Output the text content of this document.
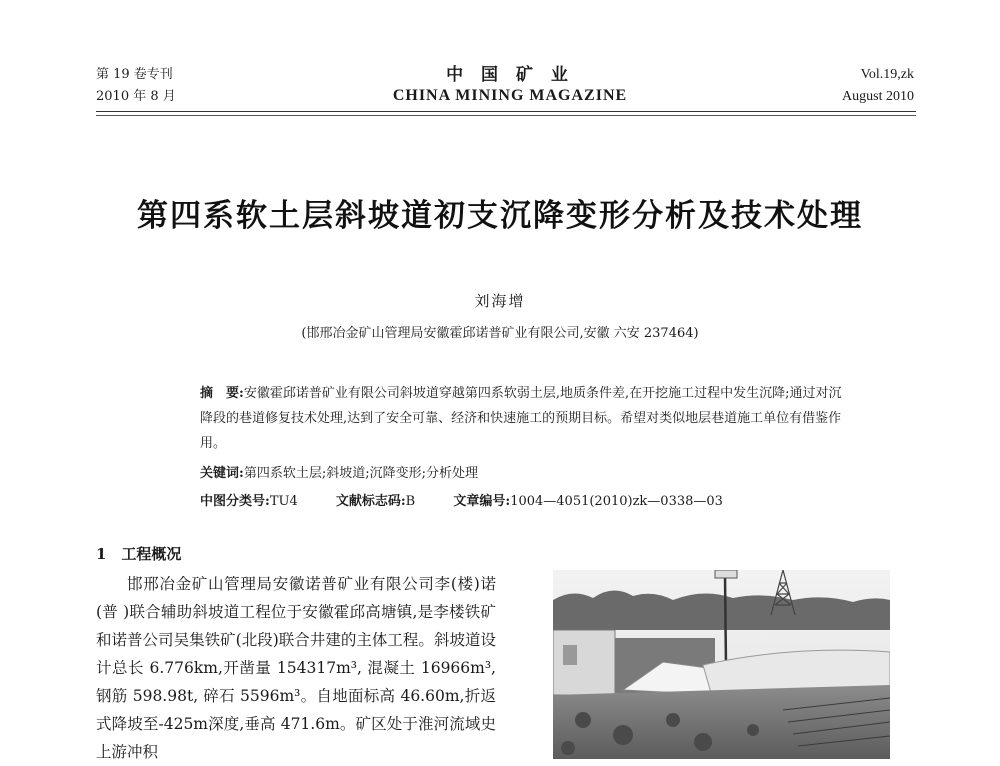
第 19 卷专刊
2010 年 8 月
中 国 矿 业
CHINA MINING MAGAZINE
Vol.19,zk
August 2010
第四系软土层斜坡道初支沉降变形分析及技术处理
刘海增
(邯邢冶金矿山管理局安徽霍邱诺普矿业有限公司,安徽 六安 237464)
摘　要:安徽霍邱诺普矿业有限公司斜坡道穿越第四系软弱土层,地质条件差,在开挖施工过程中发生沉降;通过对沉降段的巷道修复技术处理,达到了安全可靠、经济和快速施工的预期目标。希望对类似地层巷道施工单位有借鉴作用。
关键词:第四系软土层;斜坡道;沉降变形;分析处理
中图分类号:TU4	文献标志码:B	文章编号:1004—4051(2010)zk—0338—03
1　工程概况
邯邢冶金矿山管理局安徽诺普矿业有限公司李(楼)诺(普 )联合辅助斜坡道工程位于安徽霍邱高塘镇,是李楼铁矿和诺普公司吴集铁矿(北段)联合井建的主体工程。斜坡道设计总长 6.776km,开凿量 154317m³, 混凝土 16966m³, 钢筋 598.98t, 碎石 5596m³。自地面标高 46.60m,折返式降坡至-425m深度,垂高 471.6m。矿区处于淮河流域史上游冲积
